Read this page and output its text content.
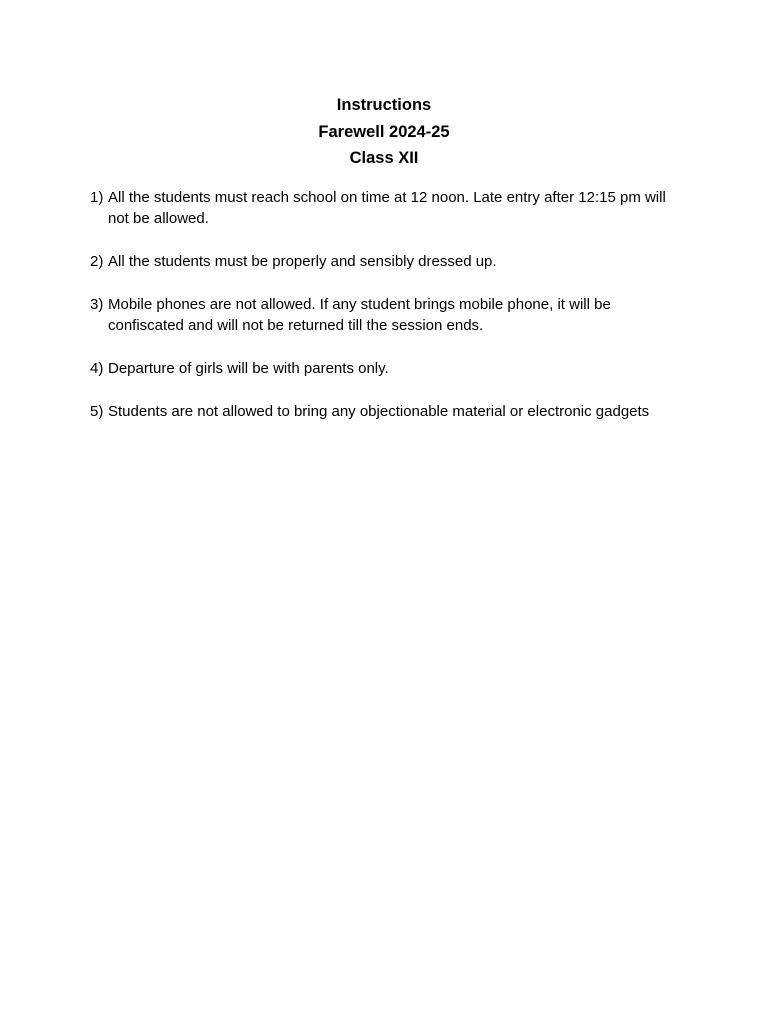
Instructions
Farewell 2024-25
Class XII
1) All the students must reach school on time at 12 noon. Late entry after 12:15 pm will not be allowed.
2) All the students must be properly and sensibly dressed up.
3) Mobile phones are not allowed. If any student brings mobile phone, it will be confiscated and will not be returned till the session ends.
4) Departure of girls will be with parents only.
5) Students are not allowed to bring any objectionable material or electronic gadgets
